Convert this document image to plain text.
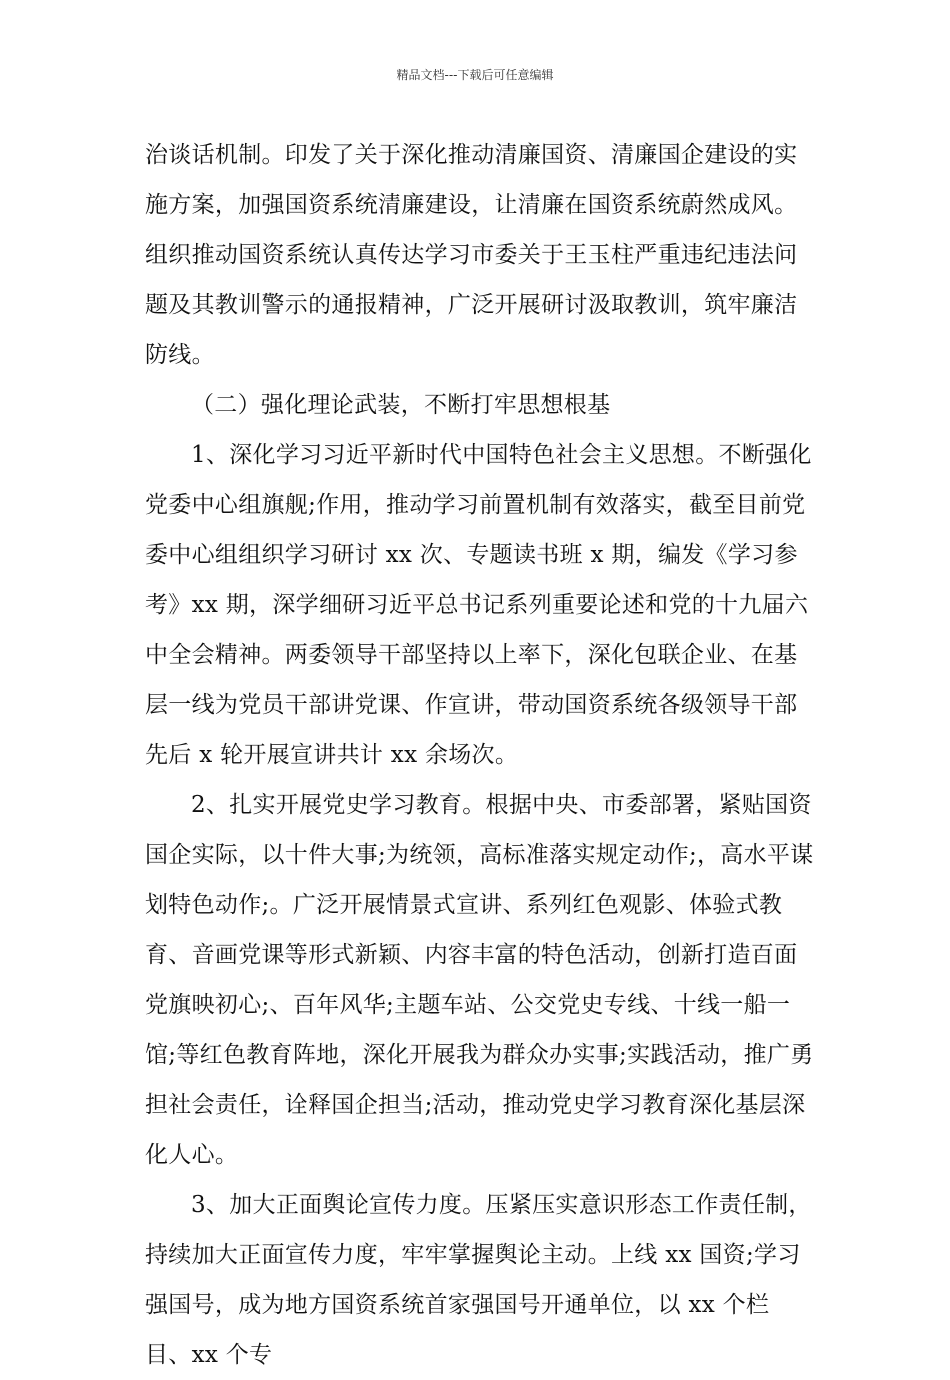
精品文档---下载后可任意编辑

治谈话机制。印发了关于深化推动清廉国资、清廉国企建设的实施方案，加强国资系统清廉建设，让清廉在国资系统蔚然成风。组织推动国资系统认真传达学习市委关于王玉柱严重违纪违法问题及其教训警示的通报精神，广泛开展研讨汲取教训，筑牢廉洁防线。

（二）强化理论武装，不断打牢思想根基

1、深化学习习近平新时代中国特色社会主义思想。不断强化党委中心组旗舰;作用，推动学习前置机制有效落实，截至目前党委中心组组织学习研讨 xx 次、专题读书班 x 期，编发《学习参考》xx 期，深学细研习近平总书记系列重要论述和党的十九届六中全会精神。两委领导干部坚持以上率下，深化包联企业、在基层一线为党员干部讲党课、作宣讲，带动国资系统各级领导干部先后 x 轮开展宣讲共计 xx 余场次。

2、扎实开展党史学习教育。根据中央、市委部署，紧贴国资国企实际，以十件大事;为统领，高标准落实规定动作;，高水平谋划特色动作;。广泛开展情景式宣讲、系列红色观影、体验式教育、音画党课等形式新颖、内容丰富的特色活动，创新打造百面党旗映初心;、百年风华;主题车站、公交党史专线、十线一船一馆;等红色教育阵地，深化开展我为群众办实事;实践活动，推广勇担社会责任，诠释国企担当;活动，推动党史学习教育深化基层深化人心。

3、加大正面舆论宣传力度。压紧压实意识形态工作责任制，持续加大正面宣传力度，牢牢掌握舆论主动。上线 xx 国资;学习强国号，成为地方国资系统首家强国号开通单位，以 xx 个栏目、xx 个专
